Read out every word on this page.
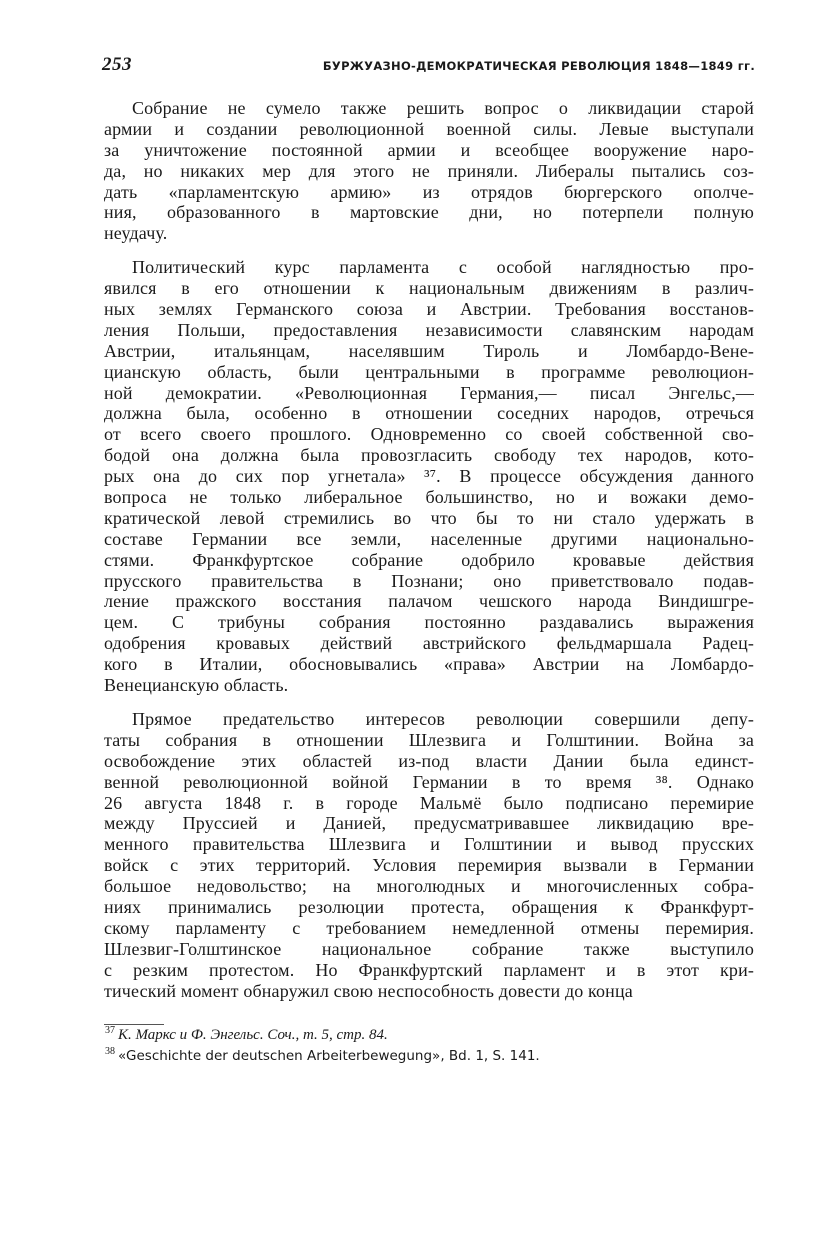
253	БУРЖУАЗНО-ДЕМОКРАТИЧЕСКАЯ РЕВОЛЮЦИЯ 1848—1849 гг.
Собрание не сумело также решить вопрос о ликвидации старой
армии и создании революционной военной силы. Левые выступали
за уничтожение постоянной армии и всеобщее вооружение наро-
да, но никаких мер для этого не приняли. Либералы пытались соз-
дать «парламентскую армию» из отрядов бюргерского ополче-
ния, образованного в мартовские дни, но потерпели полную
неудачу.
Политический курс парламента с особой наглядностью про-
явился в его отношении к национальным движениям в различ-
ных землях Германского союза и Австрии. Требования восстанов-
ления Польши, предоставления независимости славянским народам
Австрии, итальянцам, населявшим Тироль и Ломбардо-Вене-
цианскую область, были центральными в программе революцион-
ной демократии. «Революционная Германия,— писал Энгельс,—
должна была, особенно в отношении соседних народов, отречься
от всего своего прошлого. Одновременно со своей собственной сво-
бодой она должна была провозгласить свободу тех народов, кото-
рых она до сих пор угнетала» ³⁷. В процессе обсуждения данного
вопроса не только либеральное большинство, но и вожаки демо-
кратической левой стремились во что бы то ни стало удержать в
составе Германии все земли, населенные другими национально-
стями. Франкфуртское собрание одобрило кровавые действия
прусского правительства в Познани; оно приветствовало подав-
ление пражского восстания палачом чешского народа Виндишгре-
цем. С трибуны собрания постоянно раздавались выражения
одобрения кровавых действий австрийского фельдмаршала Радец-
кого в Италии, обосновывались «права» Австрии на Ломбардо-
Венецианскую область.
Прямое предательство интересов революции совершили депу-
таты собрания в отношении Шлезвига и Голштинии. Война за
освобождение этих областей из-под власти Дании была единст-
венной революционной войной Германии в то время ³⁸. Однако
26 августа 1848 г. в городе Мальмё было подписано перемирие
между Пруссией и Данией, предусматривавшее ликвидацию вре-
менного правительства Шлезвига и Голштинии и вывод прусских
войск с этих территорий. Условия перемирия вызвали в Германии
большое недовольство; на многолюдных и многочисленных собра-
ниях принимались резолюции протеста, обращения к Франкфурт-
скому парламенту с требованием немедленной отмены перемирия.
Шлезвиг-Голштинское национальное собрание также выступило
с резким протестом. Но Франкфуртский парламент и в этот кри-
тический момент обнаружил свою неспособность довести до конца
$^{37}$ К. Маркс и Ф. Энгельс. Соч., т. 5, стр. 84.
$^{38}$ «Geschichte der deutschen Arbeiterbewegung», Bd. 1, S. 141.
